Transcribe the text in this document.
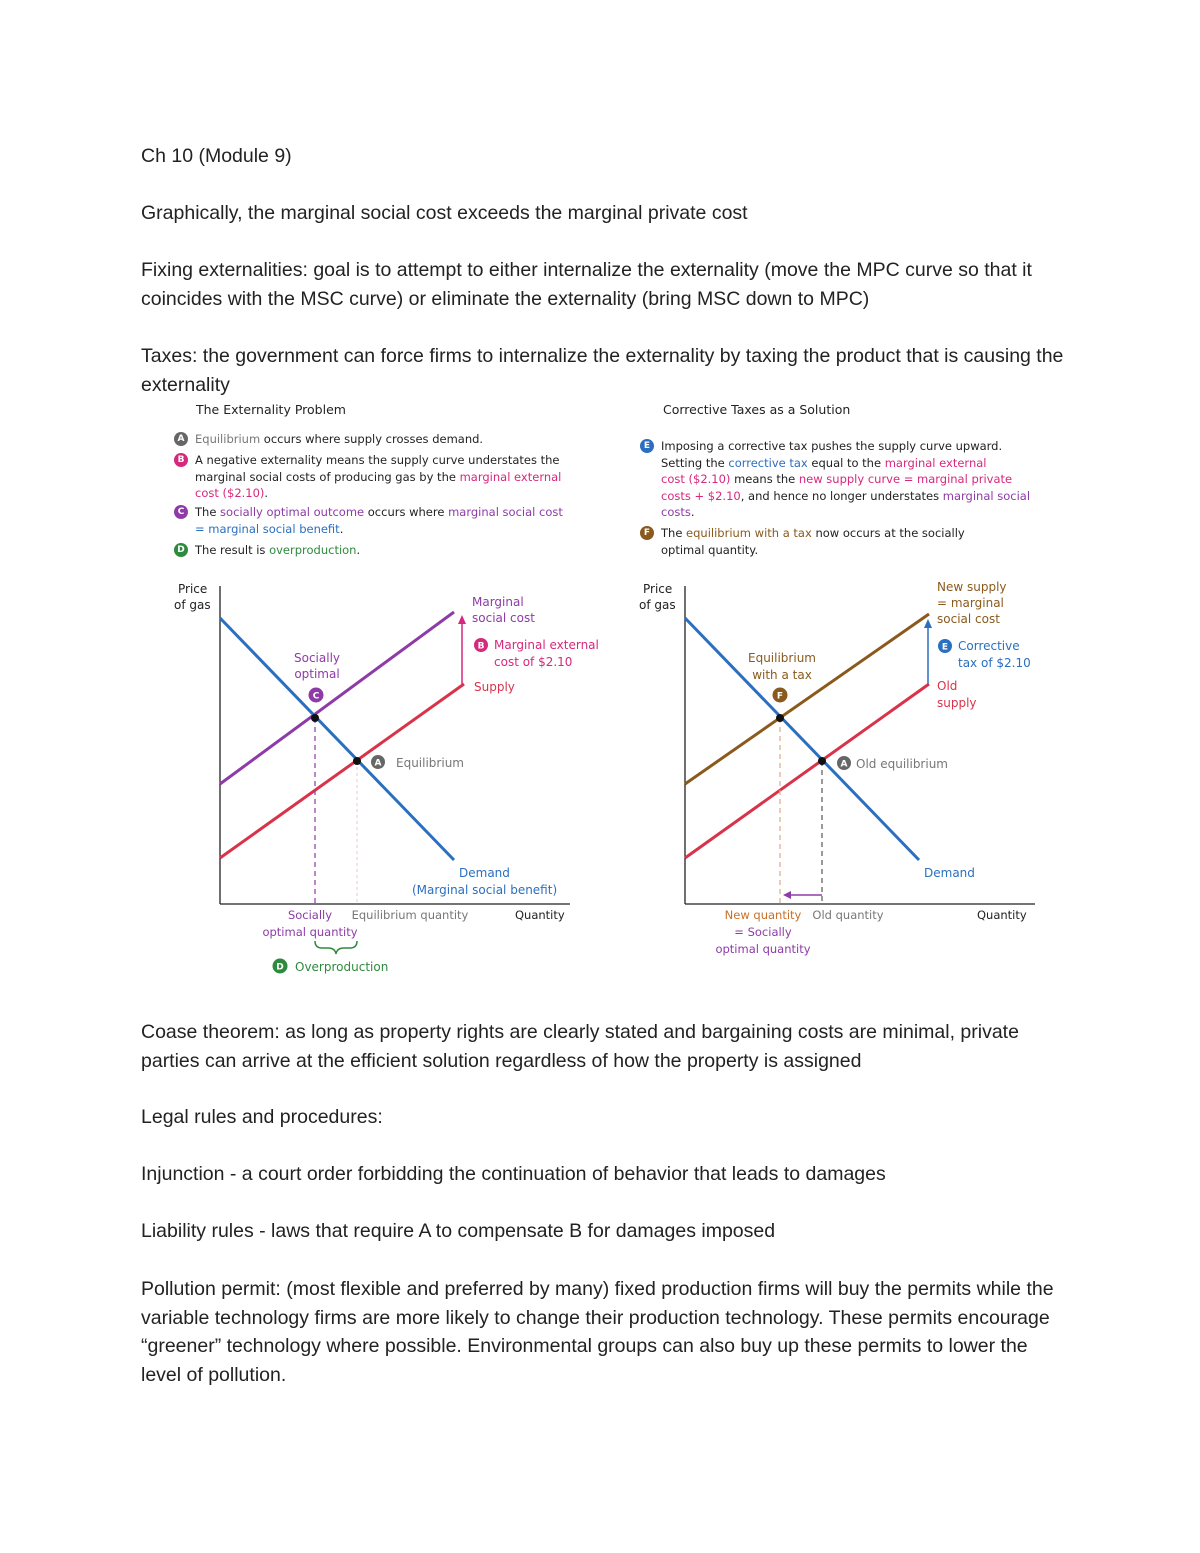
Ch 10 (Module 9)

Graphically, the marginal social cost exceeds the marginal private cost

Fixing externalities: goal is to attempt to either internalize the externality (move the MPC curve so that it coincides with the MSC curve) or eliminate the externality (bring MSC down to MPC)

Taxes: the government can force firms to internalize the externality by taxing the product that is causing the externality

The Externality Problem
A Equilibrium occurs where supply crosses demand.
B A negative externality means the supply curve understates the
marginal social costs of producing gas by the marginal external
cost ($2.10).
C The socially optimal outcome occurs where marginal social cost
= marginal social benefit.
D The result is overproduction.
Price
of gas	Marginal
social cost
B Marginal external
cost of $2.10
Supply
Socially
optimal
C
A Equilibrium
Demand
(Marginal social benefit)
Socially
optimal quantity
Equilibrium quantity	Quantity
D Overproduction
Corrective Taxes as a Solution
E Imposing a corrective tax pushes the supply curve upward.
Setting the corrective tax equal to the marginal external
cost ($2.10) means the new supply curve = marginal private
costs + $2.10, and hence no longer understates marginal social
costs.
F The equilibrium with a tax now occurs at the socially
optimal quantity.
Price
of gas
New supply
= marginal
social cost
E Corrective
tax of $2.10
Old
supply
Equilibrium
with a tax
F
A Old equilibrium
Demand
New quantity
= Socially
optimal quantity
Old quantity	Quantity

Coase theorem: as long as property rights are clearly stated and bargaining costs are minimal, private parties can arrive at the efficient solution regardless of how the property is assigned

Legal rules and procedures:

Injunction - a court order forbidding the continuation of behavior that leads to damages

Liability rules - laws that require A to compensate B for damages imposed

Pollution permit: (most flexible and preferred by many) fixed production firms will buy the permits while the variable technology firms are more likely to change their production technology. These permits encourage “greener” technology where possible. Environmental groups can also buy up these permits to lower the level of pollution.
